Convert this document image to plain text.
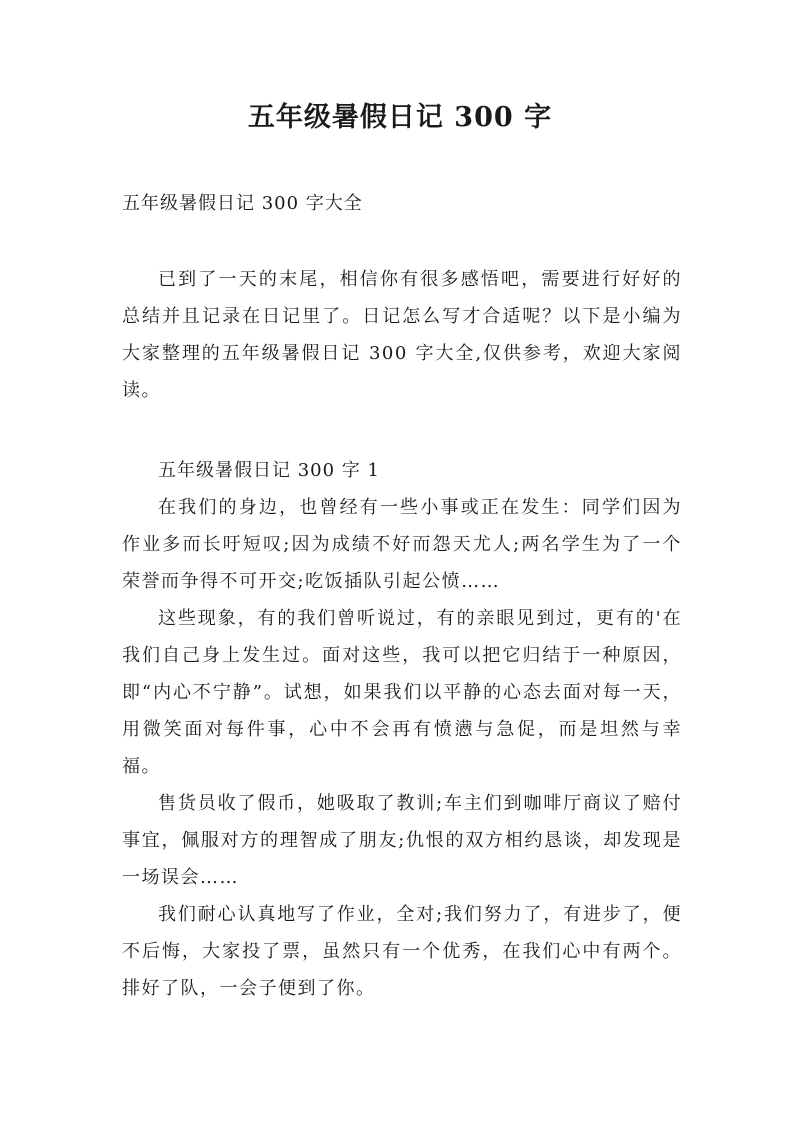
五年级暑假日记 300 字
五年级暑假日记 300 字大全

已到了一天的末尾，相信你有很多感悟吧，需要进行好好的总结并且记录在日记里了。日记怎么写才合适呢？以下是小编为大家整理的五年级暑假日记 300 字大全,仅供参考，欢迎大家阅读。

五年级暑假日记 300 字 1

在我们的身边，也曾经有一些小事或正在发生：同学们因为作业多而长吁短叹;因为成绩不好而怨天尤人;两名学生为了一个荣誉而争得不可开交;吃饭插队引起公愤……

这些现象，有的我们曾听说过，有的亲眼见到过，更有的'在我们自己身上发生过。面对这些，我可以把它归结于一种原因，即“内心不宁静”。试想，如果我们以平静的心态去面对每一天，用微笑面对每件事，心中不会再有愤懑与急促，而是坦然与幸福。

售货员收了假币，她吸取了教训;车主们到咖啡厅商议了赔付事宜，佩服对方的理智成了朋友;仇恨的双方相约恳谈，却发现是一场误会……

我们耐心认真地写了作业，全对;我们努力了，有进步了，便不后悔，大家投了票，虽然只有一个优秀，在我们心中有两个。排好了队，一会子便到了你。
